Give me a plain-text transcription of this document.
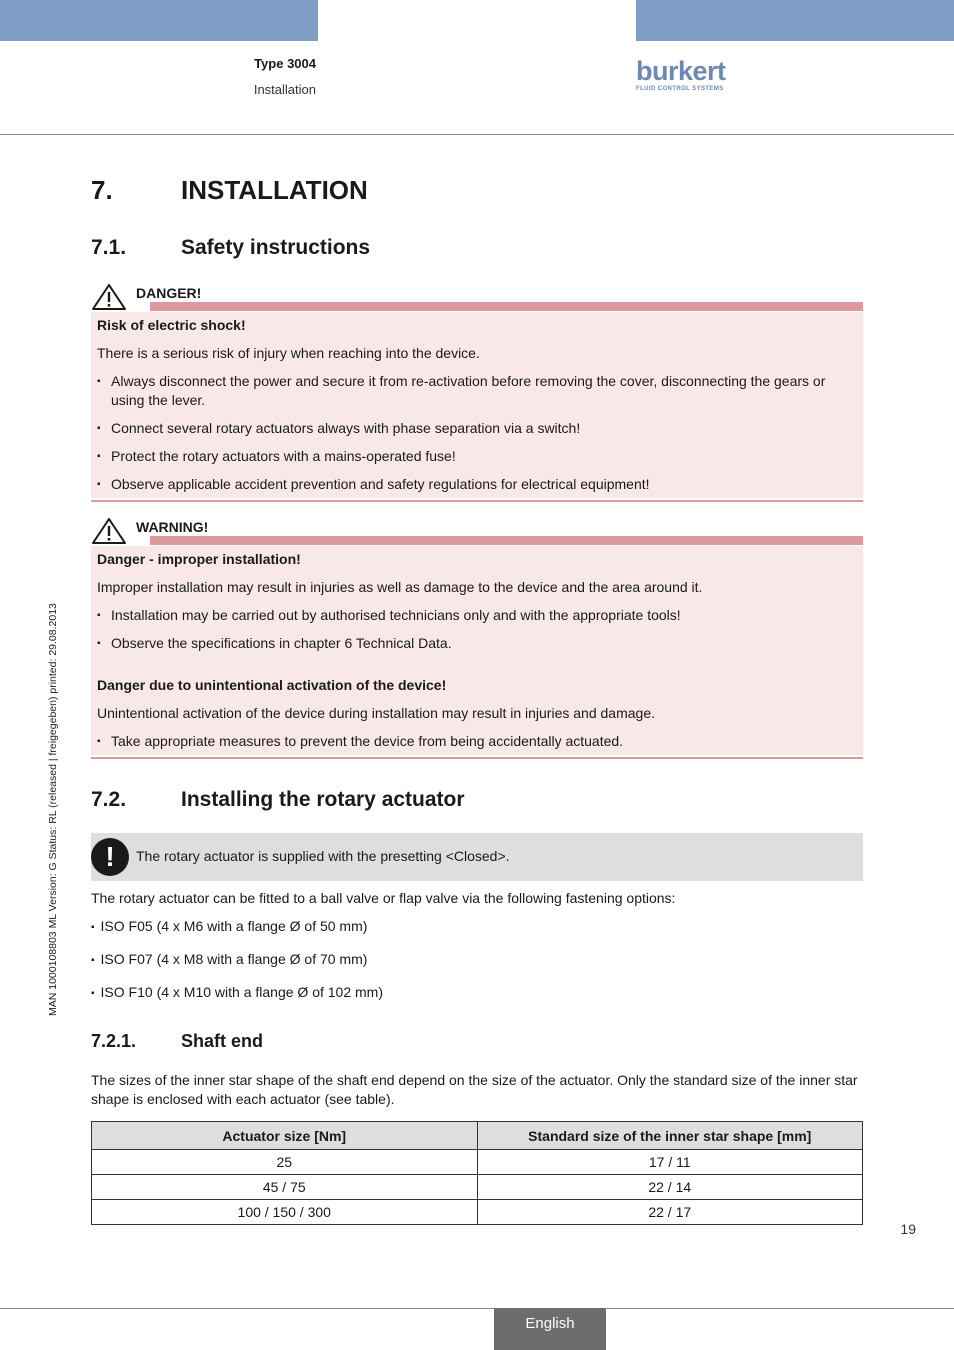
Type 3004
Installation
burkert
FLUID CONTROL SYSTEMS
MAN 1000108803 ML Version: G Status: RL (released | freigegeben) printed: 29.08.2013
7.	INSTALLATION
7.1.	Safety instructions
DANGER!

Risk of electric shock!

There is a serious risk of injury when reaching into the device.

▪ Always disconnect the power and secure it from re-activation before removing the cover, disconnecting the gears or using the lever.
▪ Connect several rotary actuators always with phase separation via a switch!
▪ Protect the rotary actuators with a mains-operated fuse!
▪ Observe applicable accident prevention and safety regulations for electrical equipment!
WARNING!

Danger - improper installation!

Improper installation may result in injuries as well as damage to the device and the area around it.

▪ Installation may be carried out by authorised technicians only and with the appropriate tools!
▪ Observe the specifications in chapter 6 Technical Data.

Danger due to unintentional activation of the device!

Unintentional activation of the device during installation may result in injuries and damage.

▪ Take appropriate measures to prevent the device from being accidentally actuated.
7.2.	Installing the rotary actuator
!	The rotary actuator is supplied with the presetting <Closed>.
The rotary actuator can be fitted to a ball valve or flap valve via the following fastening options:
▪ ISO F05 (4 x M6 with a flange Ø of 50 mm)
▪ ISO F07 (4 x M8 with a flange Ø of 70 mm)
▪ ISO F10 (4 x M10 with a flange Ø of 102 mm)
7.2.1. Shaft end
The sizes of the inner star shape of the shaft end depend on the size of the actuator. Only the standard size of the inner star shape is enclosed with each actuator (see table).
Actuator size [Nm]	Standard size of the inner star shape [mm]
25	17 / 11
45 / 75	22 / 14
100 / 150 / 300	22 / 17
19
English
